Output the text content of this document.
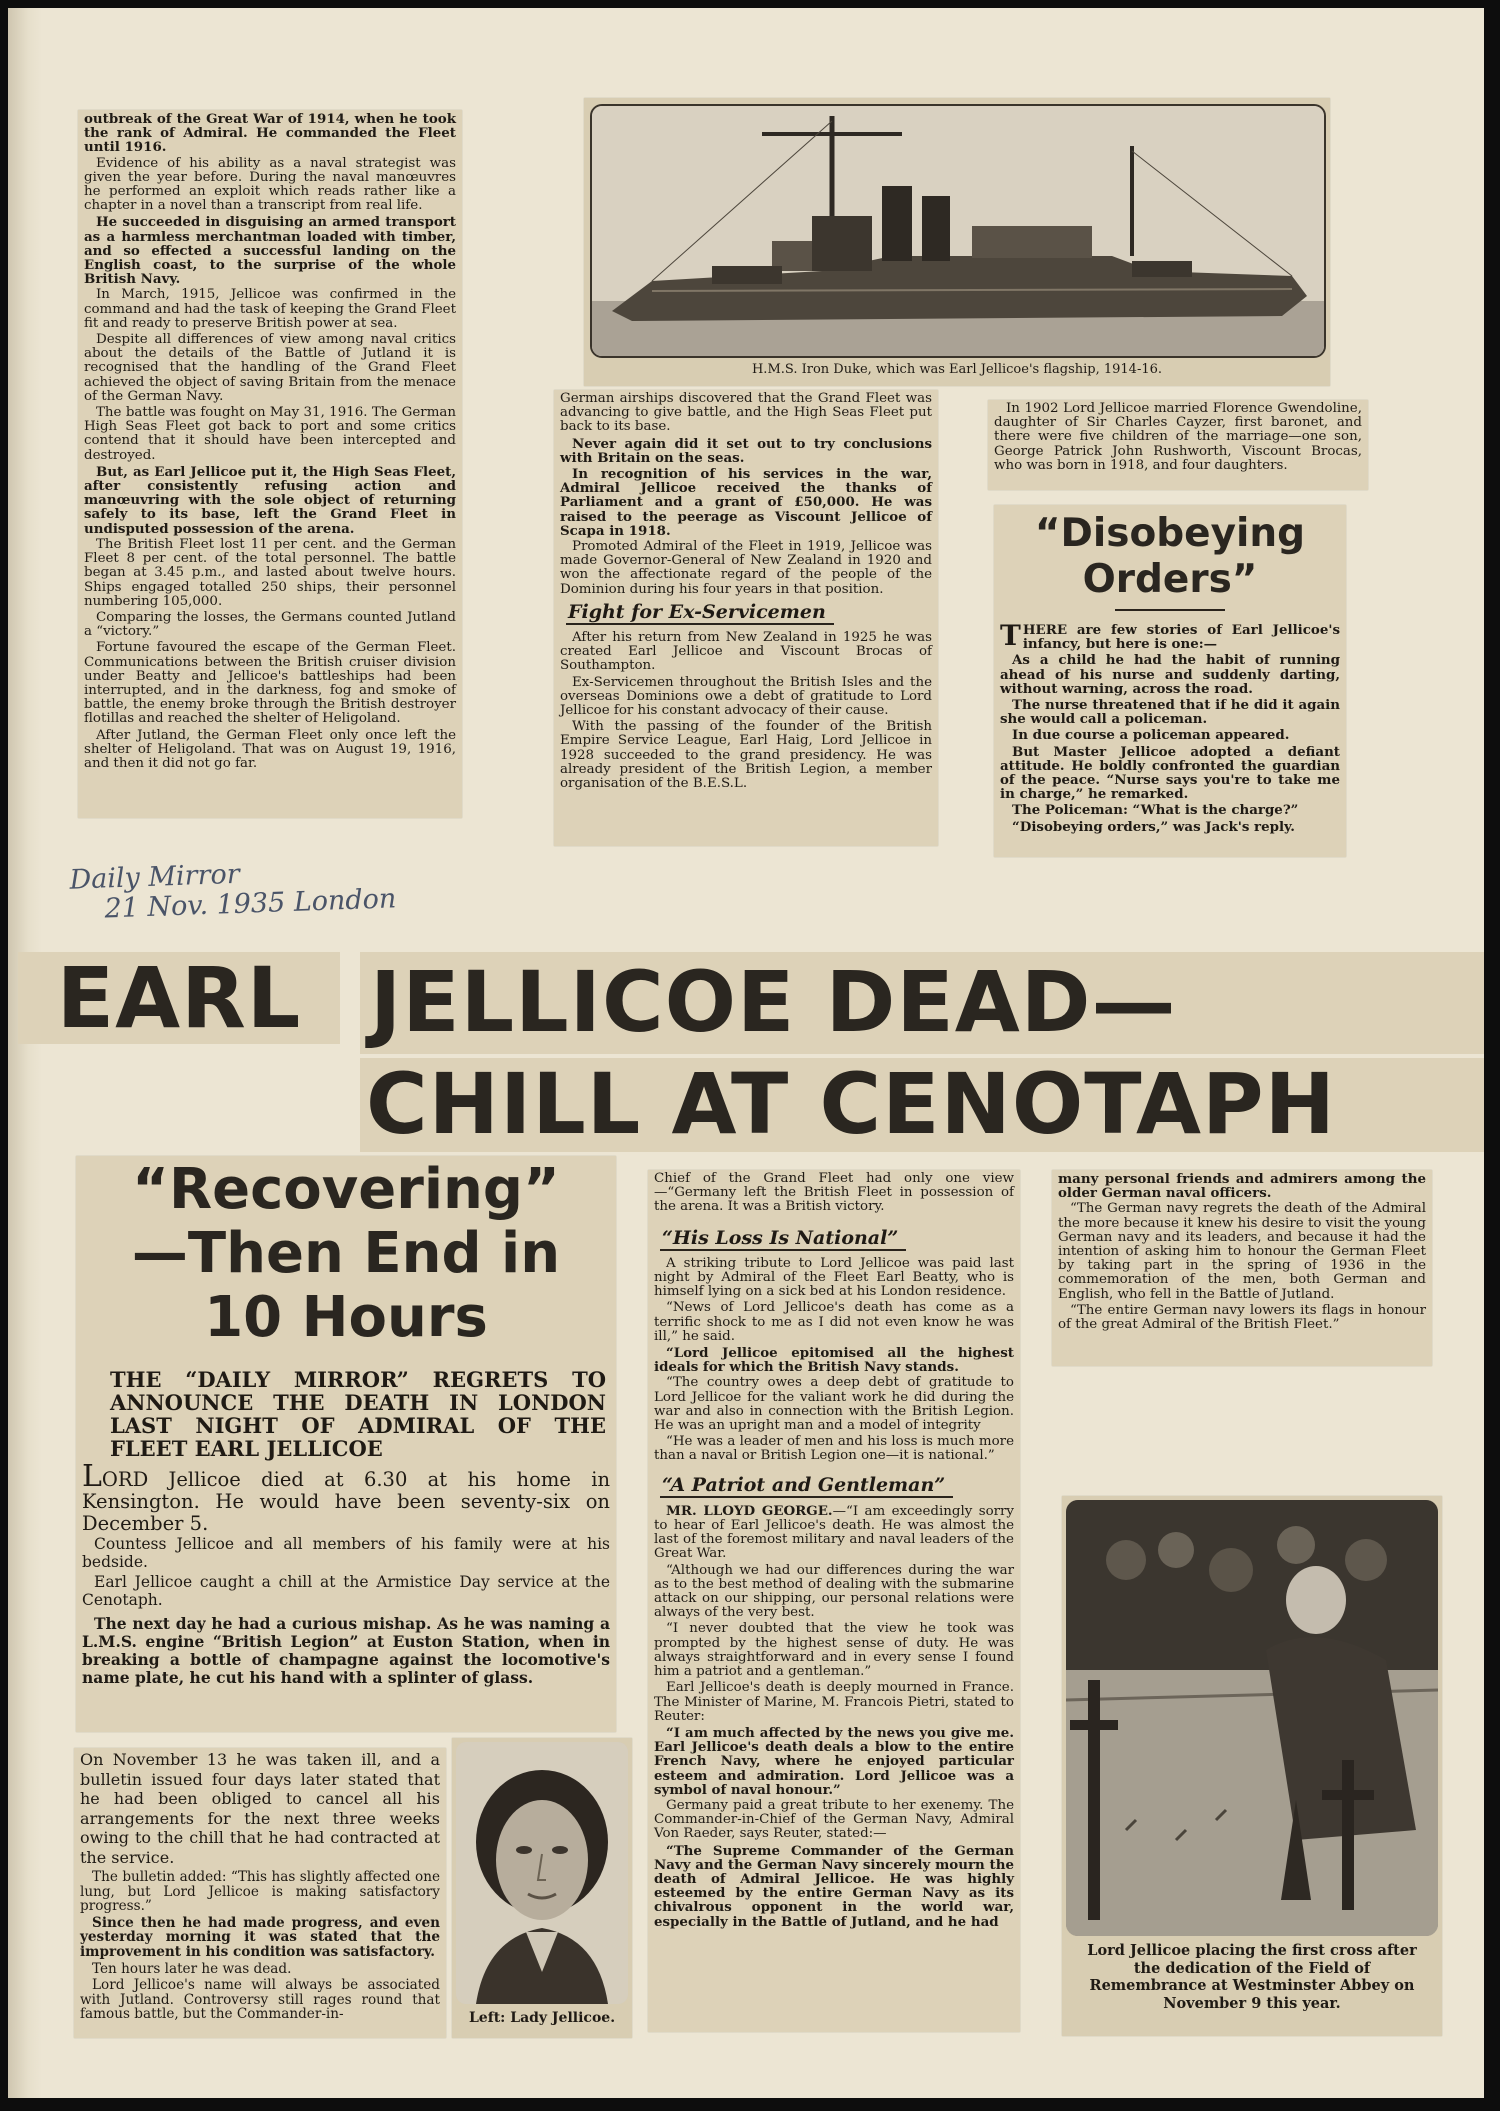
outbreak of the Great War of 1914, when he took the rank of Admiral. He commanded the Fleet until 1916.

Evidence of his ability as a naval strategist was given the year before. During the naval manœuvres he performed an exploit which reads rather like a chapter in a novel than a transcript from real life.

He succeeded in disguising an armed transport as a harmless merchantman loaded with timber, and so effected a successful landing on the English coast, to the surprise of the whole British Navy.

In March, 1915, Jellicoe was confirmed in the command and had the task of keeping the Grand Fleet fit and ready to preserve British power at sea.

Despite all differences of view among naval critics about the details of the Battle of Jutland it is recognised that the handling of the Grand Fleet achieved the object of saving Britain from the menace of the German Navy.

The battle was fought on May 31, 1916. The German High Seas Fleet got back to port and some critics contend that it should have been intercepted and destroyed.

But, as Earl Jellicoe put it, the High Seas Fleet, after consistently refusing action and manœuvring with the sole object of returning safely to its base, left the Grand Fleet in undisputed possession of the arena.

The British Fleet lost 11 per cent. and the German Fleet 8 per cent. of the total personnel. The battle began at 3.45 p.m., and lasted about twelve hours. Ships engaged totalled 250 ships, their personnel numbering 105,000.

Comparing the losses, the Germans counted Jutland a “victory.”

Fortune favoured the escape of the German Fleet. Communications between the British cruiser division under Beatty and Jellicoe's battleships had been interrupted, and in the darkness, fog and smoke of battle, the enemy broke through the British destroyer flotillas and reached the shelter of Heligoland.

After Jutland, the German Fleet only once left the shelter of Heligoland. That was on August 19, 1916, and then it did not go far.

H.M.S. Iron Duke, which was Earl Jellicoe's flagship, 1914-16.

German airships discovered that the Grand Fleet was advancing to give battle, and the High Seas Fleet put back to its base.

Never again did it set out to try conclusions with Britain on the seas.

In recognition of his services in the war, Admiral Jellicoe received the thanks of Parliament and a grant of £50,000. He was raised to the peerage as Viscount Jellicoe of Scapa in 1918.

Promoted Admiral of the Fleet in 1919, Jellicoe was made Governor-General of New Zealand in 1920 and won the affectionate regard of the people of the Dominion during his four years in that position.

Fight for Ex-Servicemen

After his return from New Zealand in 1925 he was created Earl Jellicoe and Viscount Brocas of Southampton.

Ex-Servicemen throughout the British Isles and the overseas Dominions owe a debt of gratitude to Lord Jellicoe for his constant advocacy of their cause.

With the passing of the founder of the British Empire Service League, Earl Haig, Lord Jellicoe in 1928 succeeded to the grand presidency. He was already president of the British Legion, a member organisation of the B.E.S.L.

In 1902 Lord Jellicoe married Florence Gwendoline, daughter of Sir Charles Cayzer, first baronet, and there were five children of the marriage—one son, George Patrick John Rushworth, Viscount Brocas, who was born in 1918, and four daughters.

“Disobeying
Orders”

T HERE are few stories of Earl Jellicoe's infancy, but here is one:—

As a child he had the habit of running ahead of his nurse and suddenly darting, without warning, across the road.

The nurse threatened that if he did it again she would call a policeman.

In due course a policeman appeared.

But Master Jellicoe adopted a defiant attitude. He boldly confronted the guardian of the peace. “Nurse says you're to take me in charge,” he remarked.

The Policeman: “What is the charge?”

“Disobeying orders,” was Jack's reply.

Daily Mirror
21 Nov. 1935 London
EARL JELLICOE DEAD—
CHILL AT CENOTAPH
“Recovering”
—Then End in
10 Hours
THE “DAILY MIRROR” REGRETS TO ANNOUNCE THE DEATH IN LONDON LAST NIGHT OF ADMIRAL OF THE FLEET EARL JELLICOE
LORD Jellicoe died at 6.30 at his home in Kensington. He would have been seventy-six on December 5.

Countess Jellicoe and all members of his family were at his bedside.

Earl Jellicoe caught a chill at the Armistice Day service at the Cenotaph.

The next day he had a curious mishap. As he was naming a L.M.S. engine “British Legion” at Euston Station, when in breaking a bottle of champagne against the locomotive's name plate, he cut his hand with a splinter of glass.

On November 13 he was taken ill, and a bulletin issued four days later stated that he had been obliged to cancel all his arrangements for the next three weeks owing to the chill that he had contracted at the service.

The bulletin added: “This has slightly affected one lung, but Lord Jellicoe is making satisfactory progress.”

Since then he had made progress, and even yesterday morning it was stated that the improvement in his condition was satisfactory.

Ten hours later he was dead.

Lord Jellicoe's name will always be associated with Jutland. Controversy still rages round that famous battle, but the Commander-in-	Left: Lady Jellicoe.

Chief of the Grand Fleet had only one view—“Germany left the British Fleet in possession of the arena. It was a British victory.

“His Loss Is National”

A striking tribute to Lord Jellicoe was paid last night by Admiral of the Fleet Earl Beatty, who is himself lying on a sick bed at his London residence.

“News of Lord Jellicoe's death has come as a terrific shock to me as I did not even know he was ill,” he said.

“Lord Jellicoe epitomised all the highest ideals for which the British Navy stands.

“The country owes a deep debt of gratitude to Lord Jellicoe for the valiant work he did during the war and also in connection with the British Legion. He was an upright man and a model of integrity

“He was a leader of men and his loss is much more than a naval or British Legion one—it is national.”

“A Patriot and Gentleman”

MR. LLOYD GEORGE.—“I am exceedingly sorry to hear of Earl Jellicoe's death. He was almost the last of the foremost military and naval leaders of the Great War.

“Although we had our differences during the war as to the best method of dealing with the submarine attack on our shipping, our personal relations were always of the very best.

“I never doubted that the view he took was prompted by the highest sense of duty. He was always straightforward and in every sense I found him a patriot and a gentleman.”

Earl Jellicoe's death is deeply mourned in France. The Minister of Marine, M. Francois Pietri, stated to Reuter:

“I am much affected by the news you give me. Earl Jellicoe's death deals a blow to the entire French Navy, where he enjoyed particular esteem and admiration. Lord Jellicoe was a symbol of naval honour.”

Germany paid a great tribute to her exenemy. The Commander-in-Chief of the German Navy, Admiral Von Raeder, says Reuter, stated:—

“The Supreme Commander of the German Navy and the German Navy sincerely mourn the death of Admiral Jellicoe. He was highly esteemed by the entire German Navy as its chivalrous opponent in the world war, especially in the Battle of Jutland, and he had

many personal friends and admirers among the older German naval officers.

“The German navy regrets the death of the Admiral the more because it knew his desire to visit the young German navy and its leaders, and because it had the intention of asking him to honour the German Fleet by taking part in the spring of 1936 in the commemoration of the men, both German and English, who fell in the Battle of Jutland.

“The entire German navy lowers its flags in honour of the great Admiral of the British Fleet.”

Lord Jellicoe placing the first cross after the dedication of the Field of Remembrance at Westminster Abbey on November 9 this year.
